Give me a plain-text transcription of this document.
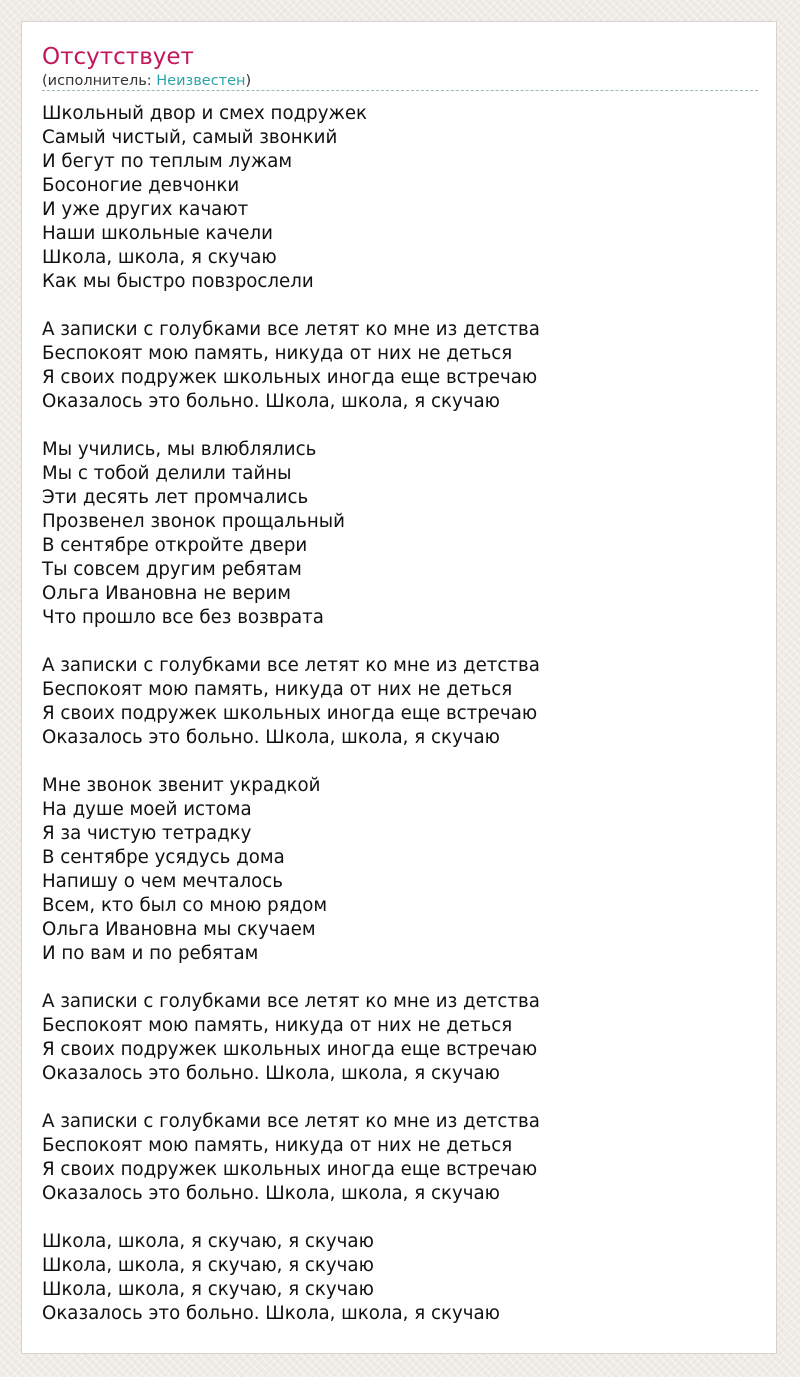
Отсутствует
(исполнитель: Неизвестен)
Школьный двор и смех подружек
Самый чистый, самый звонкий
И бегут по теплым лужам
Босоногие девчонки
И уже других качают
Наши школьные качели
Школа, школа, я скучаю
Как мы быстро повзрослели
А записки с голубками все летят ко мне из детства
Беспокоят мою память, никуда от них не деться
Я своих подружек школьных иногда еще встречаю
Оказалось это больно. Школа, школа, я скучаю
Мы учились, мы влюблялись
Мы с тобой делили тайны
Эти десять лет промчались
Прозвенел звонок прощальный
В сентябре откройте двери
Ты совсем другим ребятам
Ольга Ивановна не верим
Что прошло все без возврата
А записки с голубками все летят ко мне из детства
Беспокоят мою память, никуда от них не деться
Я своих подружек школьных иногда еще встречаю
Оказалось это больно. Школа, школа, я скучаю
Мне звонок звенит украдкой
На душе моей истома
Я за чистую тетрадку
В сентябре усядусь дома
Напишу о чем мечталось
Всем, кто был со мною рядом
Ольга Ивановна мы скучаем
И по вам и по ребятам
А записки с голубками все летят ко мне из детства
Беспокоят мою память, никуда от них не деться
Я своих подружек школьных иногда еще встречаю
Оказалось это больно. Школа, школа, я скучаю
А записки с голубками все летят ко мне из детства
Беспокоят мою память, никуда от них не деться
Я своих подружек школьных иногда еще встречаю
Оказалось это больно. Школа, школа, я скучаю
Школа, школа, я скучаю, я скучаю
Школа, школа, я скучаю, я скучаю
Школа, школа, я скучаю, я скучаю
Оказалось это больно. Школа, школа, я скучаю
